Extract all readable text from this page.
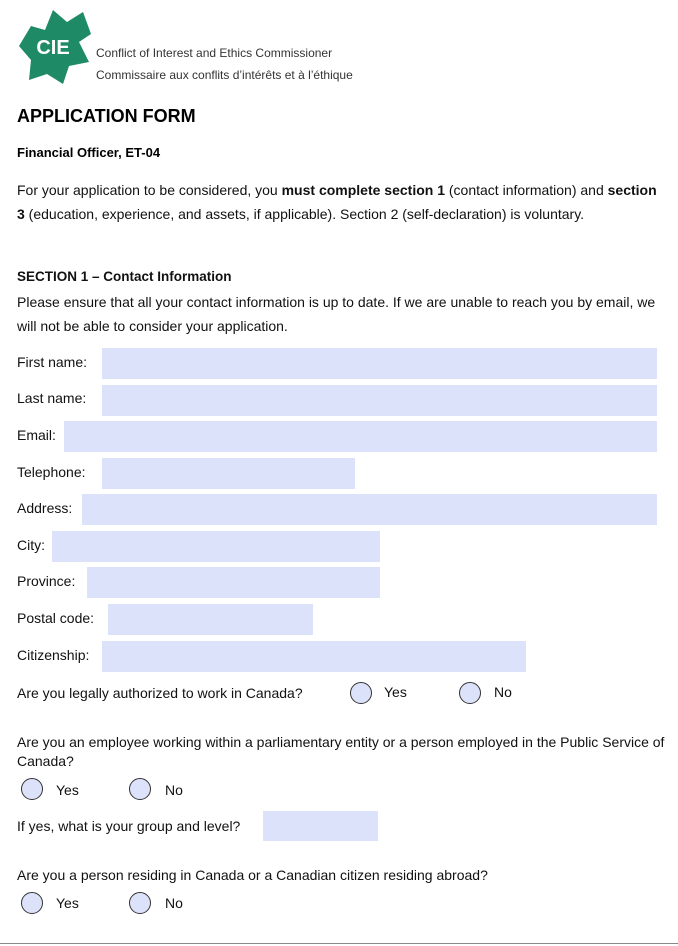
CIE Conflict of Interest and Ethics Commissioner
Commissaire aux conflits d’intérêts et à l’éthique
APPLICATION FORM
Financial Officer, ET-04
For your application to be considered, you must complete section 1 (contact information) and section 3 (education, experience, and assets, if applicable). Section 2 (self-declaration) is voluntary.
SECTION 1 – Contact Information
Please ensure that all your contact information is up to date. If we are unable to reach you by email, we will not be able to consider your application.
First name:
Last name:
Email:
Telephone:
Address:
City:
Province:
Postal code:
Citizenship:
Are you legally authorized to work in Canada?	Yes	No
Are you an employee working within a parliamentary entity or a person employed in the Public Service of Canada?
Yes	No
If yes, what is your group and level?
Are you a person residing in Canada or a Canadian citizen residing abroad?
Yes	No
